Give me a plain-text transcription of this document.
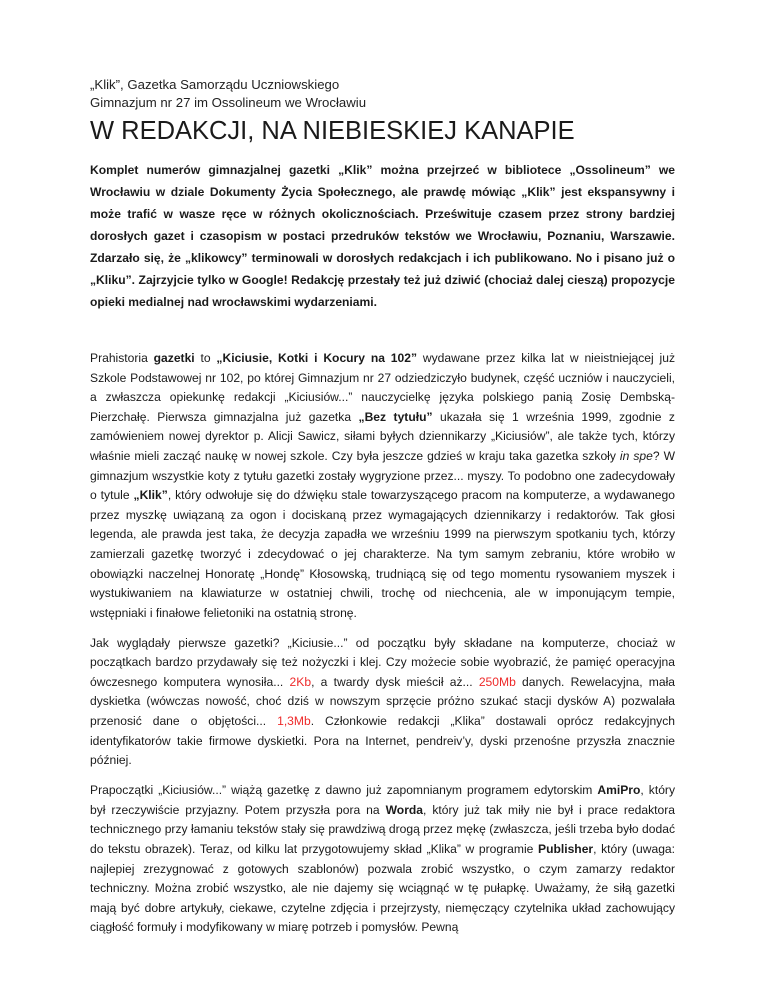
„Klik”, Gazetka Samorządu Uczniowskiego
Gimnazjum nr 27 im Ossolineum we Wrocławiu
W REDAKCJI, NA NIEBIESKIEJ KANAPIE

Komplet numerów gimnazjalnej gazetki „Klik” można przejrzeć w bibliotece „Ossolineum” we Wrocławiu w dziale Dokumenty Życia Społecznego, ale prawdę mówiąc „Klik” jest ekspansywny i może trafić w wasze ręce w różnych okolicznościach. Prześwituje czasem przez strony bardziej dorosłych gazet i czasopism w postaci przedruków tekstów we Wrocławiu, Poznaniu, Warszawie. Zdarzało się, że „klikowcy” terminowali w dorosłych redakcjach i ich publikowano. No i pisano już o „Kliku”. Zajrzyjcie tylko w Google! Redakcję przestały też już dziwić (chociaż dalej cieszą) propozycje opieki medialnej nad wrocławskimi wydarzeniami.

Prahistoria gazetki to „Kiciusie, Kotki i Kocury na 102” wydawane przez kilka lat w nieistniejącej już Szkole Podstawowej nr 102, po której Gimnazjum nr 27 odziedziczyło budynek, część uczniów i nauczycieli, a zwłaszcza opiekunkę redakcji „Kiciusiów...” nauczycielkę języka polskiego panią Zosię Dembską-Pierzchałę. Pierwsza gimnazjalna już gazetka „Bez tytułu” ukazała się 1 września 1999, zgodnie z zamówieniem nowej dyrektor p. Alicji Sawicz, siłami byłych dziennikarzy „Kiciusiów”, ale także tych, którzy właśnie mieli zacząć naukę w nowej szkole. Czy była jeszcze gdzieś w kraju taka gazetka szkoły in spe? W gimnazjum wszystkie koty z tytułu gazetki zostały wygryzione przez... myszy. To podobno one zadecydowały o tytule „Klik”, który odwołuje się do dźwięku stale towarzyszącego pracom na komputerze, a wydawanego przez myszkę uwiązaną za ogon i dociskaną przez wymagających dziennikarzy i redaktorów. Tak głosi legenda, ale prawda jest taka, że decyzja zapadła we wrześniu 1999 na pierwszym spotkaniu tych, którzy zamierzali gazetkę tworzyć i zdecydować o jej charakterze. Na tym samym zebraniu, które wrobiło w obowiązki naczelnej Honoratę „Hondę” Kłosowską, trudniącą się od tego momentu rysowaniem myszek i wystukiwaniem na klawiaturze w ostatniej chwili, trochę od niechcenia, ale w imponującym tempie, wstępniaki i finałowe felietoniki na ostatnią stronę.

Jak wyglądały pierwsze gazetki? „Kiciusie...” od początku były składane na komputerze, chociaż w początkach bardzo przydawały się też nożyczki i klej. Czy możecie sobie wyobrazić, że pamięć operacyjna ówczesnego komputera wynosiła... 2Kb, a twardy dysk mieścił aż... 250Mb danych. Rewelacyjna, mała dyskietka (wówczas nowość, choć dziś w nowszym sprzęcie próżno szukać stacji dysków A) pozwalała przenosić dane o objętości... 1,3Mb. Członkowie redakcji „Klika” dostawali oprócz redakcyjnych identyfikatorów takie firmowe dyskietki. Pora na Internet, pendreiv’y, dyski przenośne przyszła znacznie później.

Prapoczątki „Kiciusiów...” wiążą gazetkę z dawno już zapomnianym programem edytorskim AmiPro, który był rzeczywiście przyjazny. Potem przyszła pora na Worda, który już tak miły nie był i prace redaktora technicznego przy łamaniu tekstów stały się prawdziwą drogą przez mękę (zwłaszcza, jeśli trzeba było dodać do tekstu obrazek). Teraz, od kilku lat przygotowujemy skład „Klika” w programie Publisher, który (uwaga: najlepiej zrezygnować z gotowych szablonów) pozwala zrobić wszystko, o czym zamarzy redaktor techniczny. Można zrobić wszystko, ale nie dajemy się wciągnąć w tę pułapkę. Uważamy, że siłą gazetki mają być dobre artykuły, ciekawe, czytelne zdjęcia i przejrzysty, niemęczący czytelnika układ zachowujący ciągłość formuły i modyfikowany w miarę potrzeb i pomysłów. Pewną
